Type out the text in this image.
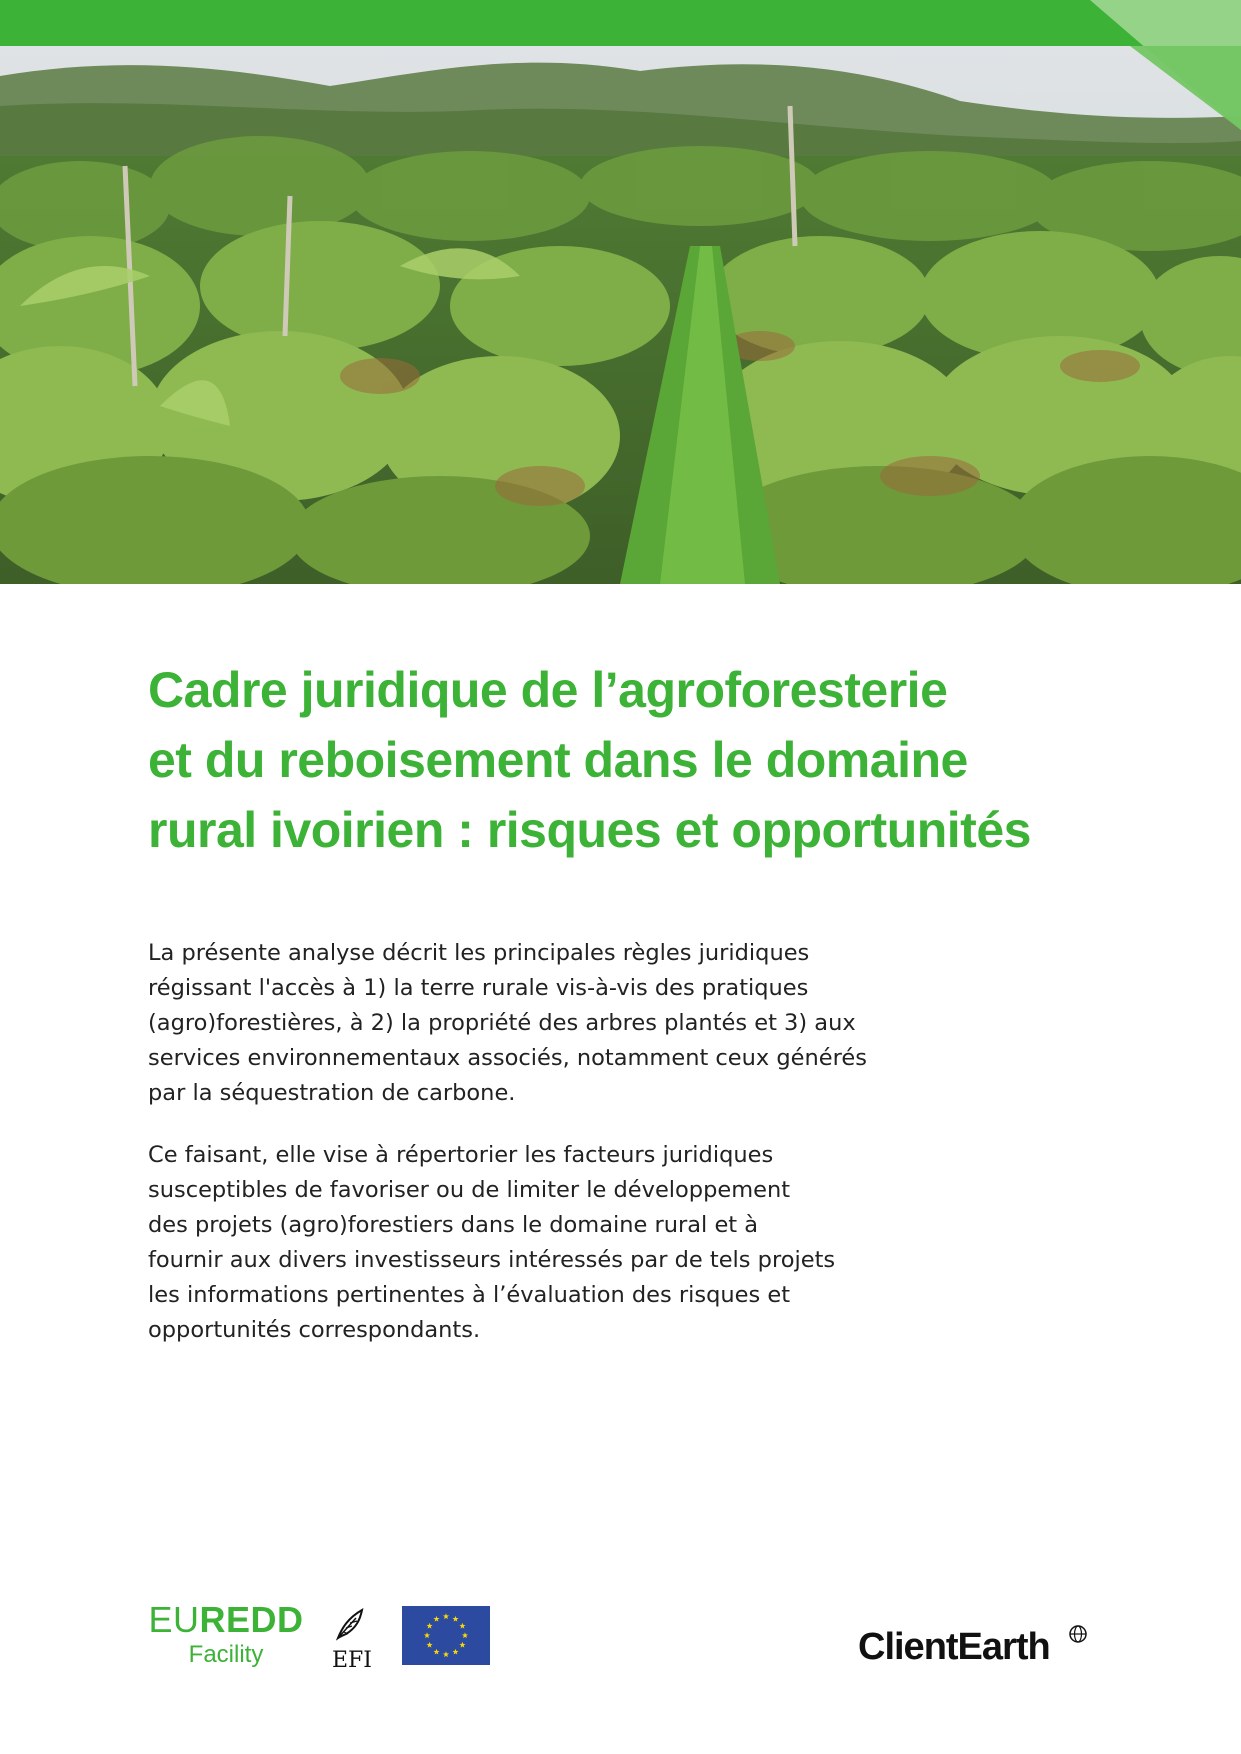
Cadre juridique de l’agroforesterie
et du reboisement dans le domaine
rural ivoirien : risques et opportunités
La présente analyse décrit les principales règles juridiques
régissant l'accès à 1) la terre rurale vis-à-vis des pratiques
(agro)forestières, à 2) la propriété des arbres plantés et 3) aux
services environnementaux associés, notamment ceux générés
par la séquestration de carbone.
Ce faisant, elle vise à répertorier les facteurs juridiques
susceptibles de favoriser ou de limiter le développement
des projets (agro)forestiers dans le domaine rural et à
fournir aux divers investisseurs intéressés par de tels projets
les informations pertinentes à l’évaluation des risques et
opportunités correspondants.
EUREDD
Facility	EFI	ClientEarth
